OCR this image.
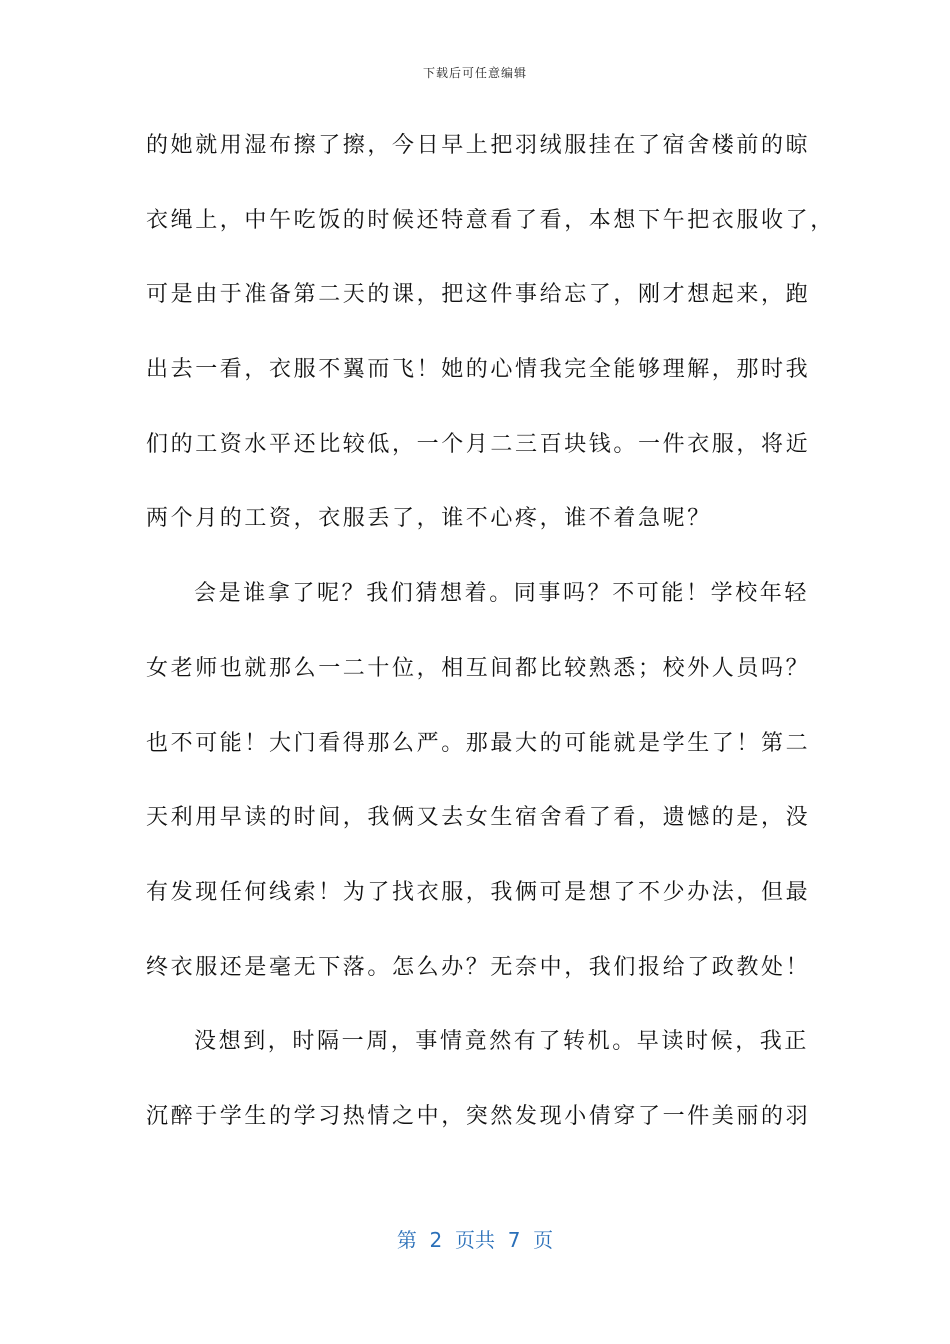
下载后可任意编辑
的她就用湿布擦了擦，今日早上把羽绒服挂在了宿舍楼前的晾
衣绳上，中午吃饭的时候还特意看了看，本想下午把衣服收了，
可是由于准备第二天的课，把这件事给忘了，刚才想起来，跑
出去一看，衣服不翼而飞！她的心情我完全能够理解，那时我
们的工资水平还比较低，一个月二三百块钱。一件衣服，将近
两个月的工资，衣服丢了，谁不心疼，谁不着急呢？
会是谁拿了呢？我们猜想着。同事吗？不可能！学校年轻
女老师也就那么一二十位，相互间都比较熟悉；校外人员吗？
也不可能！大门看得那么严。那最大的可能就是学生了！第二
天利用早读的时间，我俩又去女生宿舍看了看，遗憾的是，没
有发现任何线索！为了找衣服，我俩可是想了不少办法，但最
终衣服还是毫无下落。怎么办？无奈中，我们报给了政教处！
没想到，时隔一周，事情竟然有了转机。早读时候，我正
沉醉于学生的学习热情之中，突然发现小倩穿了一件美丽的羽
第  2  页共  7  页
